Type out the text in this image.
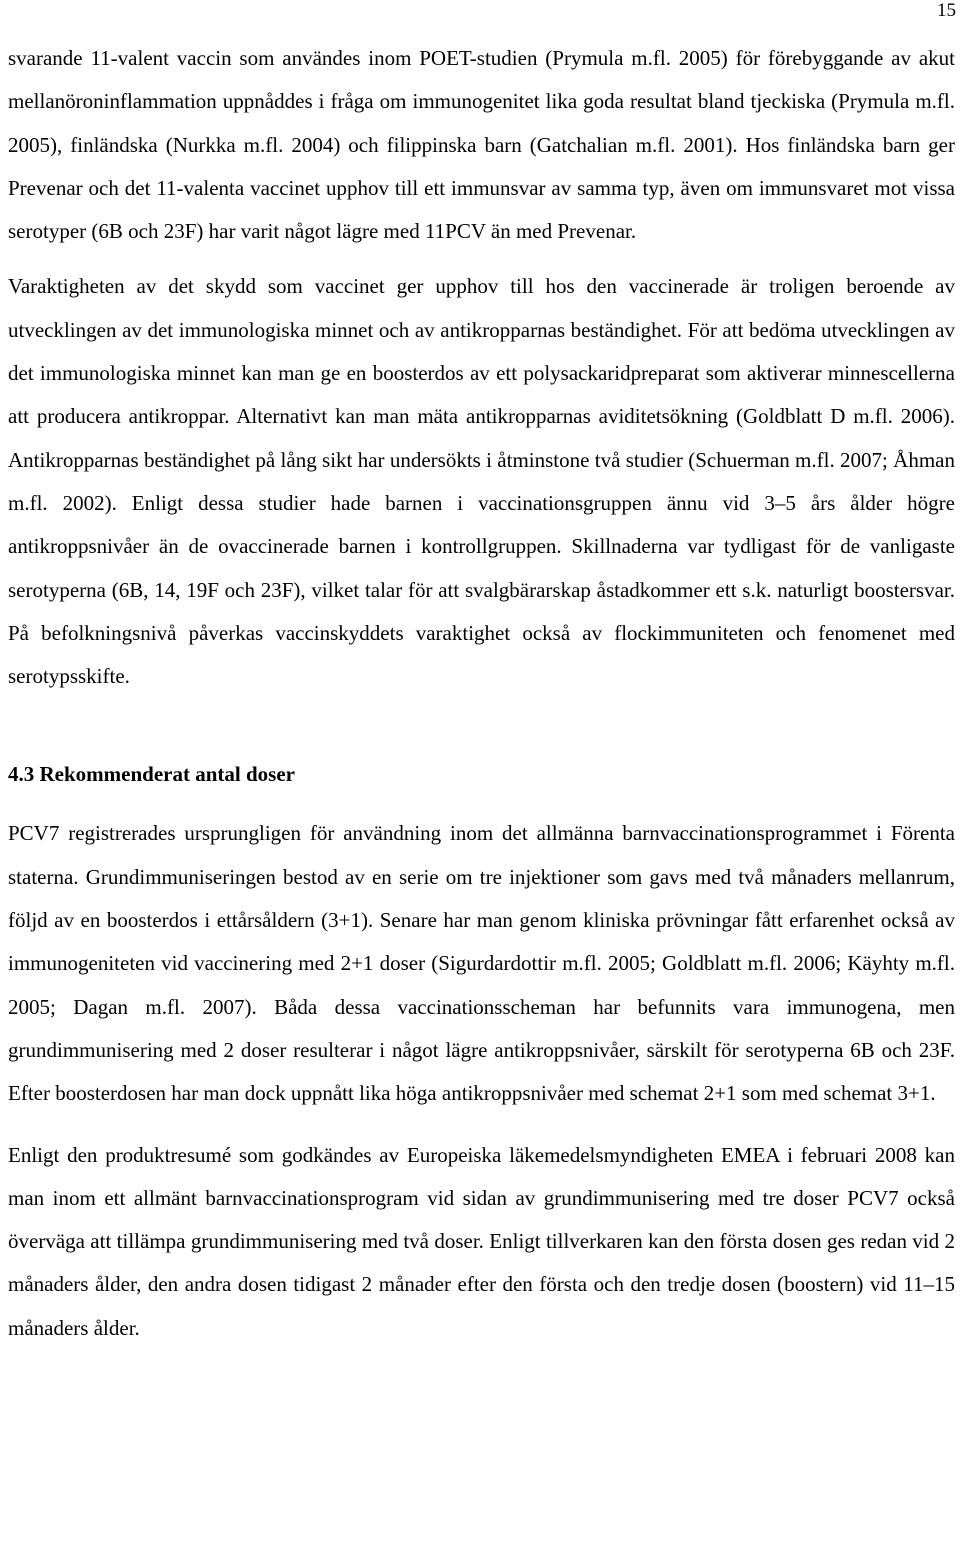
15

svarande 11-valent vaccin som användes inom POET-studien (Prymula m.fl. 2005) för förebyggande av akut mellanöroninflammation uppnåddes i fråga om immunogenitet lika goda resultat bland tjeckiska (Prymula m.fl. 2005), finländska (Nurkka m.fl. 2004) och filippinska barn (Gatchalian m.fl. 2001). Hos finländska barn ger Prevenar och det 11-valenta vaccinet upphov till ett immunsvar av samma typ, även om immunsvaret mot vissa serotyper (6B och 23F) har varit något lägre med 11PCV än med Prevenar.

Varaktigheten av det skydd som vaccinet ger upphov till hos den vaccinerade är troligen beroende av utvecklingen av det immunologiska minnet och av antikropparnas beständighet. För att bedöma utvecklingen av det immunologiska minnet kan man ge en boosterdos av ett polysackaridpreparat som aktiverar minnescellerna att producera antikroppar. Alternativt kan man mäta antikropparnas aviditetsökning (Goldblatt D m.fl. 2006). Antikropparnas beständighet på lång sikt har undersökts i åtminstone två studier (Schuerman m.fl. 2007; Åhman m.fl. 2002). Enligt dessa studier hade barnen i vaccinationsgruppen ännu vid 3–5 års ålder högre antikroppsnivåer än de ovaccinerade barnen i kontrollgruppen. Skillnaderna var tydligast för de vanligaste serotyperna (6B, 14, 19F och 23F), vilket talar för att svalgbärarskap åstadkommer ett s.k. naturligt boostersvar. På befolkningsnivå påverkas vaccinskyddets varaktighet också av flockimmuniteten och fenomenet med serotypsskifte.

4.3 Rekommenderat antal doser

PCV7 registrerades ursprungligen för användning inom det allmänna barnvaccinationsprogrammet i Förenta staterna. Grundimmuniseringen bestod av en serie om tre injektioner som gavs med två månaders mellanrum, följd av en boosterdos i ettårsåldern (3+1). Senare har man genom kliniska prövningar fått erfarenhet också av immunogeniteten vid vaccinering med 2+1 doser (Sigurdardottir m.fl. 2005; Goldblatt m.fl. 2006; Käyhty m.fl. 2005; Dagan m.fl. 2007). Båda dessa vaccinationsscheman har befunnits vara immunogena, men grundimmunisering med 2 doser resulterar i något lägre antikroppsnivåer, särskilt för serotyperna 6B och 23F. Efter boosterdosen har man dock uppnått lika höga antikroppsnivåer med schemat 2+1 som med schemat 3+1.

Enligt den produktresumé som godkändes av Europeiska läkemedelsmyndigheten EMEA i februari 2008 kan man inom ett allmänt barnvaccinationsprogram vid sidan av grundimmunisering med tre doser PCV7 också överväga att tillämpa grundimmunisering med två doser. Enligt tillverkaren kan den första dosen ges redan vid 2 månaders ålder, den andra dosen tidigast 2 månader efter den första och den tredje dosen (boostern) vid 11–15 månaders ålder.
